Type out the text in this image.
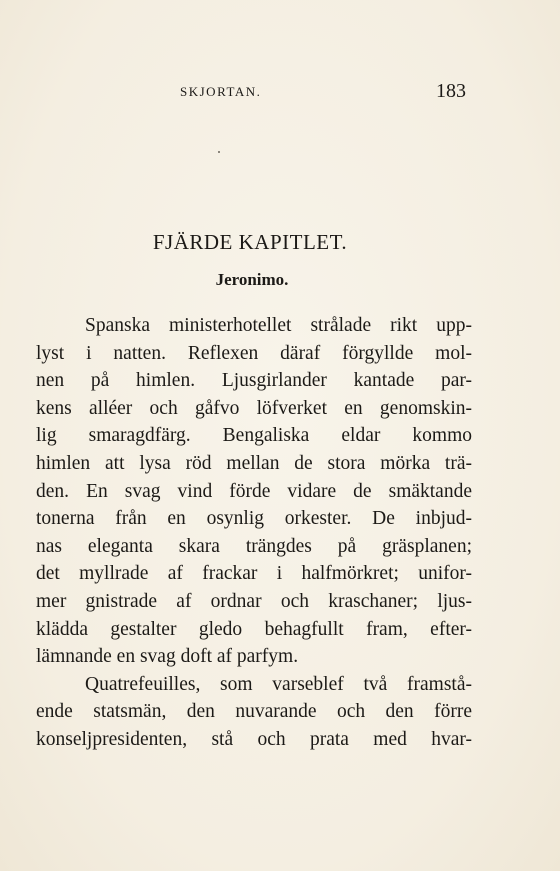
SKJORTAN.	183
FJÄRDE KAPITLET.
Jeronimo.
Spanska ministerhotellet strålade rikt upp-
lyst i natten. Reflexen däraf förgyllde mol-
nen på himlen. Ljusgirlander kantade par-
kens alléer och gåfvo löfverket en genomskin-
lig smaragdfärg. Bengaliska eldar kommo
himlen att lysa röd mellan de stora mörka trä-
den. En svag vind förde vidare de smäktande
tonerna från en osynlig orkester. De inbjud-
nas eleganta skara trängdes på gräsplanen;
det myllrade af frackar i halfmörkret; unifor-
mer gnistrade af ordnar och kraschaner; ljus-
klädda gestalter gledo behagfullt fram, efter-
lämnande en svag doft af parfym.
Quatrefeuilles, som varseblef två framstå-
ende statsmän, den nuvarande och den förre
konseljpresidenten, stå och prata med hvar-
